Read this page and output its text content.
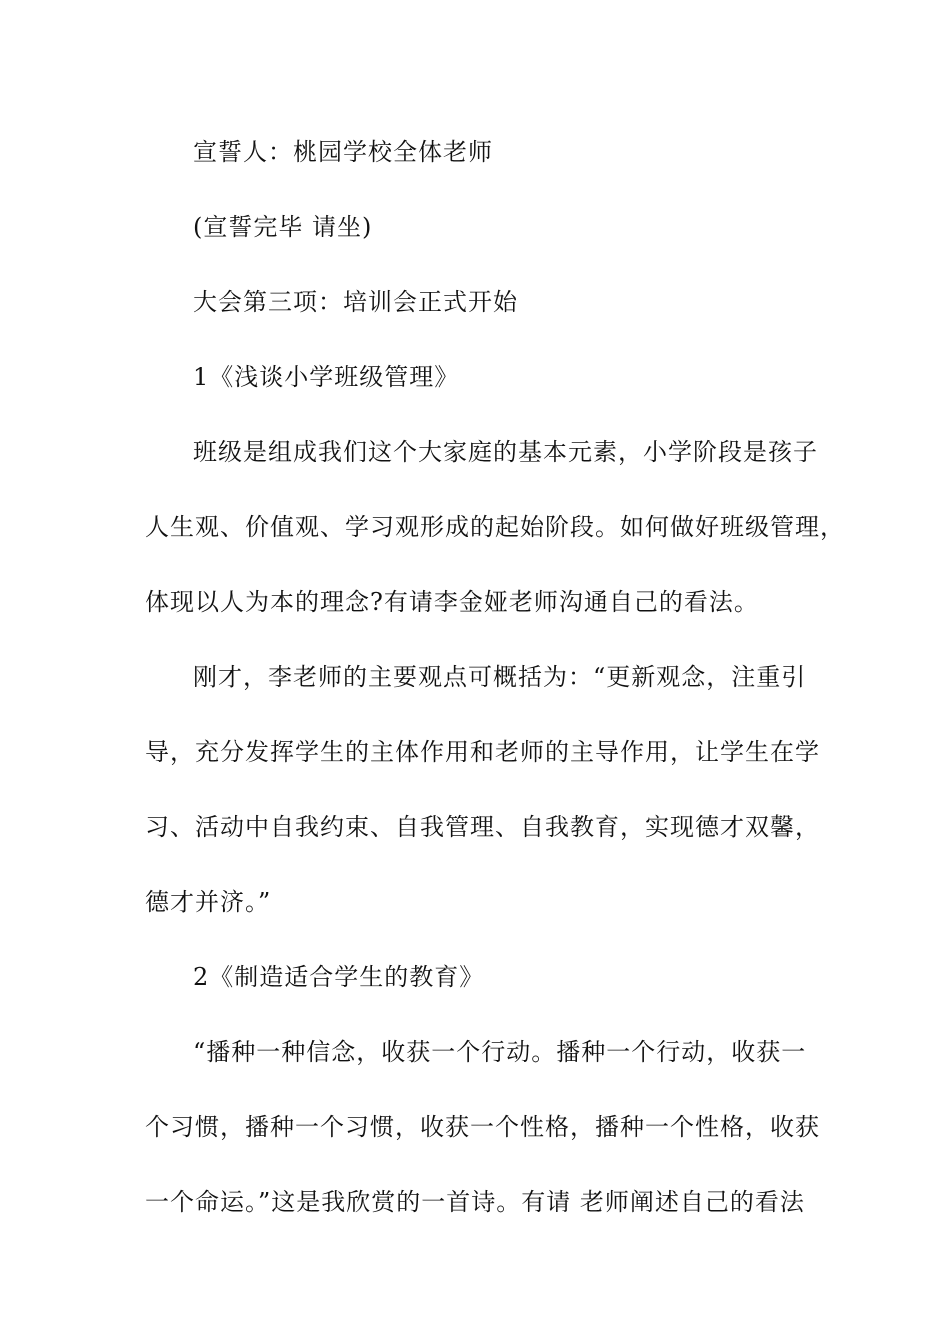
宣誓人：桃园学校全体老师
(宣誓完毕 请坐)
大会第三项：培训会正式开始
1《浅谈小学班级管理》
班级是组成我们这个大家庭的基本元素，小学阶段是孩子
人生观、价值观、学习观形成的起始阶段。如何做好班级管理，
体现以人为本的理念?有请李金娅老师沟通自己的看法。
刚才，李老师的主要观点可概括为：“更新观念，注重引
导，充分发挥学生的主体作用和老师的主导作用，让学生在学
习、活动中自我约束、自我管理、自我教育，实现德才双馨，
德才并济。”
2《制造适合学生的教育》
“播种一种信念，收获一个行动。播种一个行动，收获一
个习惯，播种一个习惯，收获一个性格，播种一个性格，收获
一个命运。”这是我欣赏的一首诗。有请 老师阐述自己的看法
